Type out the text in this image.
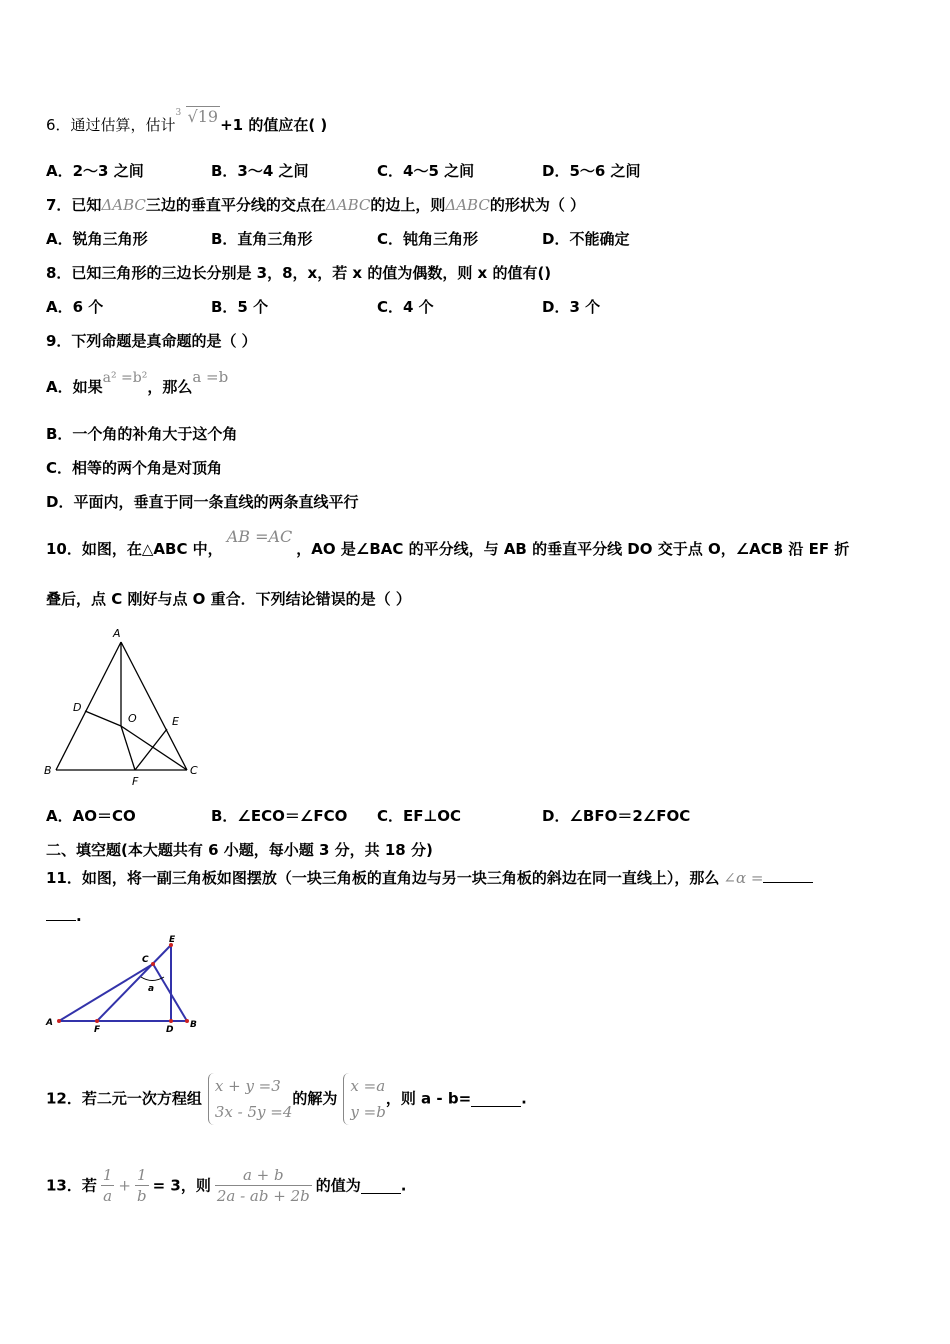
6．通过估算，估计
3 √19 +1 的值应在( )
A．2～3 之间	B．3～4 之间	C．4～5 之间	D．5～6 之间
7．已知ΔABC三边的垂直平分线的交点在ΔABC的边上，则ΔABC的形状为（ ）
A．锐角三角形	B．直角三角形	C．钝角三角形	D．不能确定
8．已知三角形的三边长分别是 3，8，x，若 x 的值为偶数，则 x 的值有()
A．6 个	B．5 个	C．4 个	D．3 个
9．下列命题是真命题的是（ ）
A．如果a² =b²，那么a =b
B．一个角的补角大于这个角
C．相等的两个角是对顶角
D．平面内，垂直于同一条直线的两条直线平行
10．如图，在△ABC 中，AB =AC，AO 是∠BAC 的平分线，与 AB 的垂直平分线 DO 交于点 O，∠ACB 沿 EF 折
叠后，点 C 刚好与点 O 重合．下列结论错误的是（ ）
A
D
O	E
B
F
C
A．AO＝CO	B．∠ECO＝∠FCO C．EF⊥OC	D．∠BFO＝2∠FOC
二、填空题(本大题共有 6 小题，每小题 3 分，共 18 分)
11．如图，将一副三角板如图摆放（一块三角板的直角边与另一块三角板的斜边在同一直线上），那么 ∠α =
.
A
F	D B
C
E
a
12．若二元一次方程组
x + y =3
3x - 5y =4
的解为
x =a
y =b
，则 a - b=	.
13．若 $\frac{1}{a} + \frac{1}{b} = 3$，则 $\frac{a + b}{2a - ab + 2b}$ 的值为	.
